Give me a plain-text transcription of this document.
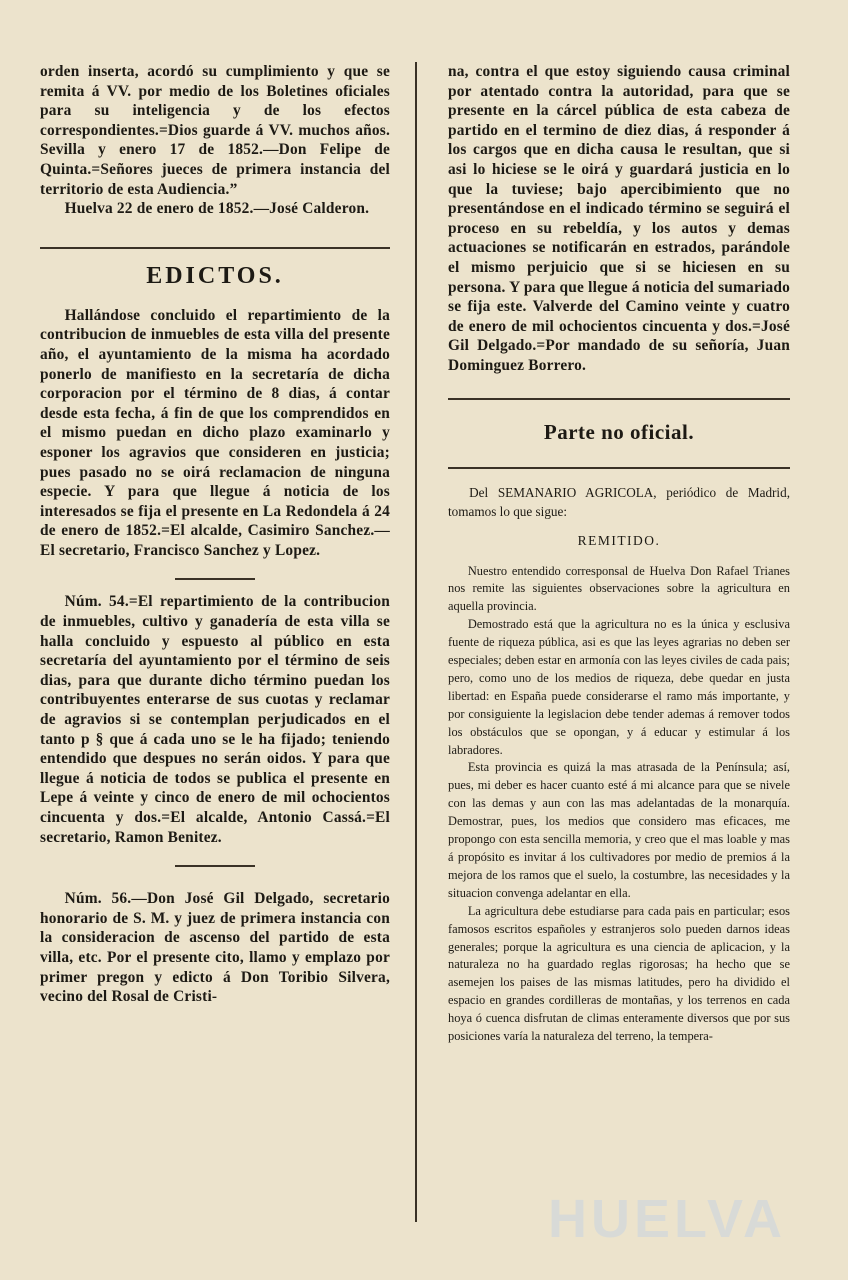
orden inserta, acordó su cumplimiento y que se remita á VV. por medio de los Boletines oficiales para su inteligencia y de los efectos correspondientes.=Dios guarde á VV. muchos años. Sevilla y enero 17 de 1852.—Don Felipe de Quinta.=Señores jueces de primera instancia del territorio de esta Audiencia.”

Huelva 22 de enero de 1852.—José Calderon.

EDICTOS.

Hallándose concluido el repartimiento de la contribucion de inmuebles de esta villa del presente año, el ayuntamiento de la misma ha acordado ponerlo de manifiesto en la secretaría de dicha corporacion por el término de 8 dias, á contar desde esta fecha, á fin de que los comprendidos en el mismo puedan en dicho plazo examinarlo y esponer los agravios que consideren en justicia; pues pasado no se oirá reclamacion de ninguna especie. Y para que llegue á noticia de los interesados se fija el presente en La Redondela á 24 de enero de 1852.=El alcalde, Casimiro Sanchez.—El secretario, Francisco Sanchez y Lopez.

Núm. 54.=El repartimiento de la contribucion de inmuebles, cultivo y ganadería de esta villa se halla concluido y espuesto al público en esta secretaría del ayuntamiento por el término de seis dias, para que durante dicho término puedan los contribuyentes enterarse de sus cuotas y reclamar de agravios si se contemplan perjudicados en el tanto p § que á cada uno se le ha fijado; teniendo entendido que despues no serán oidos. Y para que llegue á noticia de todos se publica el presente en Lepe á veinte y cinco de enero de mil ochocientos cincuenta y dos.=El alcalde, Antonio Cassá.=El secretario, Ramon Benitez.

Núm. 56.—Don José Gil Delgado, secretario honorario de S. M. y juez de primera instancia con la consideracion de ascenso del partido de esta villa, etc. Por el presente cito, llamo y emplazo por primer pregon y edicto á Don Toribio Silvera, vecino del Rosal de Cristi-

na, contra el que estoy siguiendo causa criminal por atentado contra la autoridad, para que se presente en la cárcel pública de esta cabeza de partido en el termino de diez dias, á responder á los cargos que en dicha causa le resultan, que si asi lo hiciese se le oirá y guardará justicia en lo que la tuviese; bajo apercibimiento que no presentándose en el indicado término se seguirá el proceso en su rebeldía, y los autos y demas actuaciones se notificarán en estrados, parándole el mismo perjuicio que si se hiciesen en su persona. Y para que llegue á noticia del sumariado se fija este. Valverde del Camino veinte y cuatro de enero de mil ochocientos cincuenta y dos.=José Gil Delgado.=Por mandado de su señoría, Juan Dominguez Borrero.

Parte no oficial.

Del SEMANARIO AGRICOLA, periódico de Madrid, tomamos lo que sigue:

REMITIDO.

Nuestro entendido corresponsal de Huelva Don Rafael Trianes nos remite las siguientes observaciones sobre la agricultura en aquella provincia.

Demostrado está que la agricultura no es la única y esclusiva fuente de riqueza pública, asi es que las leyes agrarias no deben ser especiales; deben estar en armonía con las leyes civiles de cada pais; pero, como uno de los medios de riqueza, debe quedar en justa libertad: en España puede considerarse el ramo más importante, y por consiguiente la legislacion debe tender ademas á remover todos los obstáculos que se opongan, y á educar y estimular á los labradores.

Esta provincia es quizá la mas atrasada de la Península; así, pues, mi deber es hacer cuanto esté á mi alcance para que se nivele con las demas y aun con las mas adelantadas de la monarquía. Demostrar, pues, los medios que considero mas eficaces, me propongo con esta sencilla memoria, y creo que el mas loable y mas á propósito es invitar á los cultivadores por medio de premios á la mejora de los ramos que el suelo, la costumbre, las necesidades y la situacion convenga adelantar en ella.

La agricultura debe estudiarse para cada pais en particular; esos famosos escritos españoles y estranjeros solo pueden darnos ideas generales; porque la agricultura es una ciencia de aplicacion, y la naturaleza no ha guardado reglas rigorosas; ha hecho que se asemejen los paises de las mismas latitudes, pero ha dividido el espacio en grandes cordilleras de montañas, y los terrenos en cada hoya ó cuenca disfrutan de climas enteramente diversos que por sus posiciones varía la naturaleza del terreno, la tempera-

HUELVA
